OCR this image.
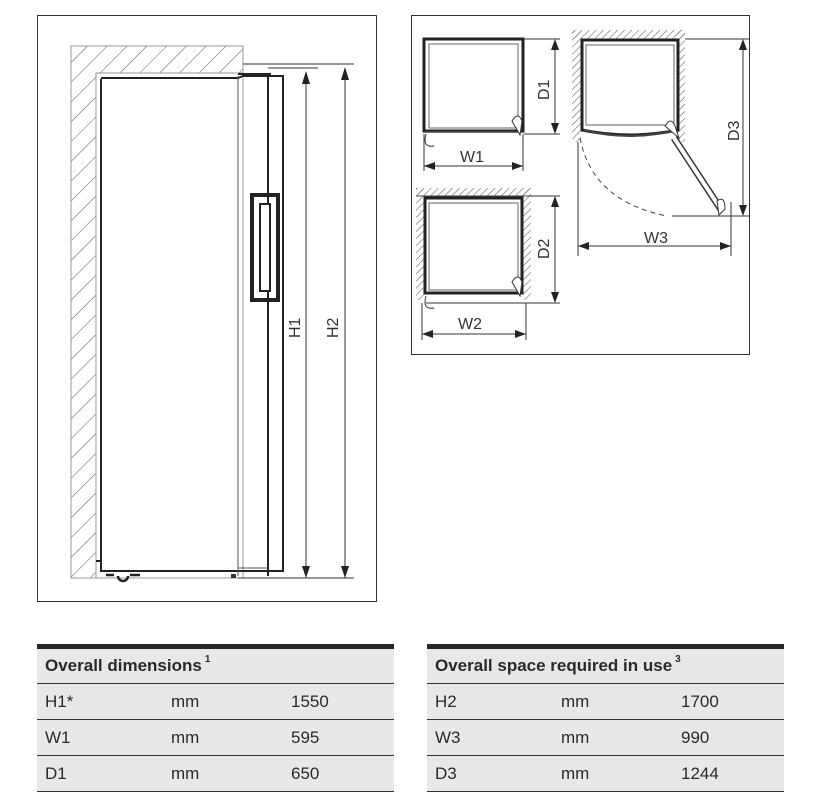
H1 H2
D1
W1
D2
W2
D3
W3
Overall dimensions $^1$
H1*	mm	1550
W1	mm	595
D1	mm	650
Overall space required in use $^3$
H2	mm	1700
W3	mm	990
D3	mm	1244
